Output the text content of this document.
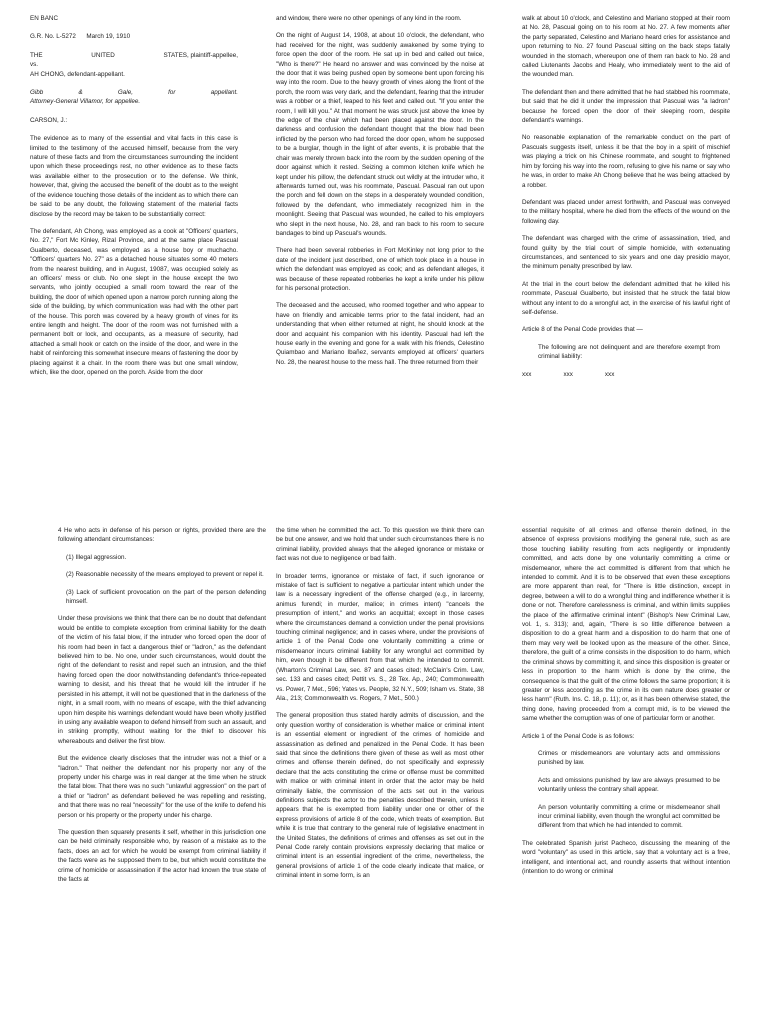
EN BANC

G.R. No. L-5272 March 19, 1910

THE	UNITED	STATES, plaintiff-appellee,

vs.

AH CHONG, defendant-appellant.

Gibb	&	Gale,	for	appellant.

Attorney-General Villamor, for appellee.

CARSON, J.:

The evidence as to many of the essential and vital facts in this case is limited to the testimony of the accused himself, because from the very nature of these facts and from the circumstances surrounding the incident upon which these proceedings rest, no other evidence as to these facts was available either to the prosecution or to the defense. We think, however, that, giving the accused the benefit of the doubt as to the weight of the evidence touching those details of the incident as to which there can be said to be any doubt, the following statement of the material facts disclose by the record may be taken to be substantially correct:

The defendant, Ah Chong, was employed as a cook at "Officers' quarters, No. 27," Fort Mc Kinley, Rizal Province, and at the same place Pascual Gualberto, deceased, was employed as a house boy or muchacho. "Officers' quarters No. 27" as a detached house situates some 40 meters from the nearest building, and in August, 19087, was occupied solely as an officers' mess or club. No one slept in the house except the two servants, who jointly occupied a small room toward the rear of the building, the door of which opened upon a narrow porch running along the side of the building, by which communication was had with the other part of the house. This porch was covered by a heavy growth of vines for its entire length and height. The door of the room was not furnished with a permanent bolt or lock, and occupants, as a measure of security, had attached a small hook or catch on the inside of the door, and were in the habit of reinforcing this somewhat insecure means of fastening the door by placing against it a chair. In the room there was but one small window, which, like the door, opened on the porch. Aside from the door

and window, there were no other openings of any kind in the room.

On the night of August 14, 1908, at about 10 o'clock, the defendant, who had received for the night, was suddenly awakened by some trying to force open the door of the room. He sat up in bed and called out twice, "Who is there?" He heard no answer and was convinced by the noise at the door that it was being pushed open by someone bent upon forcing his way into the room. Due to the heavy growth of vines along the front of the porch, the room was very dark, and the defendant, fearing that the intruder was a robber or a thief, leaped to his feet and called out. "If you enter the room, I will kill you." At that moment he was struck just above the knee by the edge of the chair which had been placed against the door. In the darkness and confusion the defendant thought that the blow had been inflicted by the person who had forced the door open, whom he supposed to be a burglar, though in the light of after events, it is probable that the chair was merely thrown back into the room by the sudden opening of the door against which it rested. Seizing a common kitchen knife which he kept under his pillow, the defendant struck out wildly at the intruder who, it afterwards turned out, was his roommate, Pascual. Pascual ran out upon the porch and fell down on the steps in a desperately wounded condition, followed by the defendant, who immediately recognized him in the moonlight. Seeing that Pascual was wounded, he called to his employers who slept in the next house, No. 28, and ran back to his room to secure bandages to bind up Pascual's wounds.

There had been several robberies in Fort McKinley not long prior to the date of the incident just described, one of which took place in a house in which the defendant was employed as cook; and as defendant alleges, it was because of these repeated robberies he kept a knife under his pillow for his personal protection.

The deceased and the accused, who roomed together and who appear to have on friendly and amicable terms prior to the fatal incident, had an understanding that when either returned at night, he should knock at the door and acquaint his companion with his identity. Pascual had left the house early in the evening and gone for a walk with his friends, Celestino Quiambao and Mariano Ibañez, servants employed at officers' quarters No. 28, the nearest house to the mess hall. The three returned from their

walk at about 10 o'clock, and Celestino and Mariano stopped at their room at No. 28, Pascual going on to his room at No. 27. A few moments after the party separated, Celestino and Mariano heard cries for assistance and upon returning to No. 27 found Pascual sitting on the back steps fatally wounded in the stomach, whereupon one of them ran back to No. 28 and called Liutenants Jacobs and Healy, who immediately went to the aid of the wounded man.

The defendant then and there admitted that he had stabbed his roommate, but said that he did it under the impression that Pascual was "a ladron" because he forced open the door of their sleeping room, despite defendant's warnings.

No reasonable explanation of the remarkable conduct on the part of Pascuals suggests itself, unless it be that the boy in a spirit of mischief was playing a trick on his Chinese roommate, and sought to frightened him by forcing his way into the room, refusing to give his name or say who he was, in order to make Ah Chong believe that he was being attacked by a robber.

Defendant was placed under arrest forthwith, and Pascual was conveyed to the military hospital, where he died from the effects of the wound on the following day.

The defendant was charged with the crime of assassination, tried, and found guilty by the trial court of simple homicide, with extenuating circumstances, and sentenced to six years and one day presidio mayor, the minimum penalty prescribed by law.

At the trial in the court below the defendant admitted that he killed his roommate, Pascual Gualberto, but insisted that he struck the fatal blow without any intent to do a wrongful act, in the exercise of his lawful right of self-defense.

Article 8 of the Penal Code provides that —

The following are not delinquent and are therefore exempt from criminal liability:

xxx	xxx	xxx

4 He who acts in defense of his person or rights, provided there are the following attendant circumstances:

(1) Illegal aggression.

(2) Reasonable necessity of the means employed to prevent or repel it.

(3) Lack of sufficient provocation on the part of the person defending himself.

Under these provisions we think that there can be no doubt that defendant would be entitle to complete exception from criminal liability for the death of the victim of his fatal blow, if the intruder who forced open the door of his room had been in fact a dangerous thief or "ladron," as the defendant believed him to be. No one, under such circumstances, would doubt the right of the defendant to resist and repel such an intrusion, and the thief having forced open the door notwithstanding defendant's thrice-repeated warning to desist, and his threat that he would kill the intruder if he persisted in his attempt, it will not be questioned that in the darkness of the night, in a small room, with no means of escape, with the thief advancing upon him despite his warnings defendant would have been wholly justified in using any available weapon to defend himself from such an assault, and in striking promptly, without waiting for the thief to discover his whereabouts and deliver the first blow.

But the evidence clearly discloses that the intruder was not a thief or a "ladron." That neither the defendant nor his property nor any of the property under his charge was in real danger at the time when he struck the fatal blow. That there was no such "unlawful aggression" on the part of a thief or "ladron" as defendant believed he was repelling and resisting, and that there was no real "necessity" for the use of the knife to defend his person or his property or the property under his charge.

The question then squarely presents it self, whether in this jurisdiction one can be held criminally responsible who, by reason of a mistake as to the facts, does an act for which he would be exempt from criminal liability if the facts were as he supposed them to be, but which would constitute the crime of homicide or assassination if the actor had known the true state of the facts at

the time when he committed the act. To this question we think there can be but one answer, and we hold that under such circumstances there is no criminal liability, provided always that the alleged ignorance or mistake or fact was not due to negligence or bad faith.

In broader terms, ignorance or mistake of fact, if such ignorance or mistake of fact is sufficient to negative a particular intent which under the law is a necessary ingredient of the offense charged (e.g., in larcerny, animus furendi; in murder, malice; in crimes intent) "cancels the presumption of intent," and works an acquittal; except in those cases where the circumstances demand a conviction under the penal provisions touching criminal negligence; and in cases where, under the provisions of article 1 of the Penal Code one voluntarily committing a crime or misdemeanor incurs criminal liability for any wrongful act committed by him, even though it be different from that which he intended to commit. (Wharton's Criminal Law, sec. 87 and cases cited; McClain's Crim. Law, sec. 133 and cases cited; Pettit vs. S., 28 Tex. Ap., 240; Commonwealth vs. Power, 7 Met., 596; Yates vs. People, 32 N.Y., 509; Isham vs. State, 38 Ala., 213; Commonwealth vs. Rogers, 7 Met., 500.)

The general proposition thus stated hardly admits of discussion, and the only question worthy of consideration is whether malice or criminal intent is an essential element or ingredient of the crimes of homicide and assassination as defined and penalized in the Penal Code. It has been said that since the definitions there given of these as well as most other crimes and offense therein defined, do not specifically and expressly declare that the acts constituting the crime or offense must be committed with malice or with criminal intent in order that the actor may be held criminally liable, the commission of the acts set out in the various definitions subjects the actor to the penalties described therein, unless it appears that he is exempted from liability under one or other of the express provisions of article 8 of the code, which treats of exemption. But while it is true that contrary to the general rule of legislative enactment in the United States, the definitions of crimes and offenses as set out in the Penal Code rarely contain provisions expressly declaring that malice or criminal intent is an essential ingredient of the crime, nevertheless, the general provisions of article 1 of the code clearly indicate that malice, or criminal intent in some form, is an

essential requisite of all crimes and offense therein defined, in the absence of express provisions modifying the general rule, such as are those touching liability resulting from acts negligently or imprudently committed, and acts done by one voluntarily committing a crime or misdemeanor, where the act committed is different from that which he intended to commit. And it is to be observed that even these exceptions are more apparent than real, for "There is little distinction, except in degree, between a will to do a wrongful thing and indifference whether it is done or not. Therefore carelessness is criminal, and within limits supplies the place of the affirmative criminal intent" (Bishop's New Criminal Law, vol. 1, s. 313); and, again, "There is so little difference between a disposition to do a great harm and a disposition to do harm that one of them may very well be looked upon as the measure of the other. Since, therefore, the guilt of a crime consists in the disposition to do harm, which the criminal shows by committing it, and since this disposition is greater or less in proportion to the harm which is done by the crime, the consequence is that the guilt of the crime follows the same proportion; it is greater or less according as the crime in its own nature does greater or less harm" (Ruth. Ins. C. 18, p. 11); or, as it has been otherwise stated, the thing done, having proceeded from a corrupt mid, is to be viewed the same whether the corruption was of one of particular form or another.

Article 1 of the Penal Code is as follows:

Crimes or misdemeanors are voluntary acts and ommissions punished by law.

Acts and omissions punished by law are always presumed to be voluntarily unless the contrary shall appear.

An person voluntarily committing a crime or misdemeanor shall incur criminal liability, even though the wrongful act committed be different from that which he had intended to commit.

The celebrated Spanish jurist Pacheco, discussing the meaning of the word "voluntary" as used in this article, say that a voluntary act is a free, intelligent, and intentional act, and roundly asserts that without intention (intention to do wrong or criminal
